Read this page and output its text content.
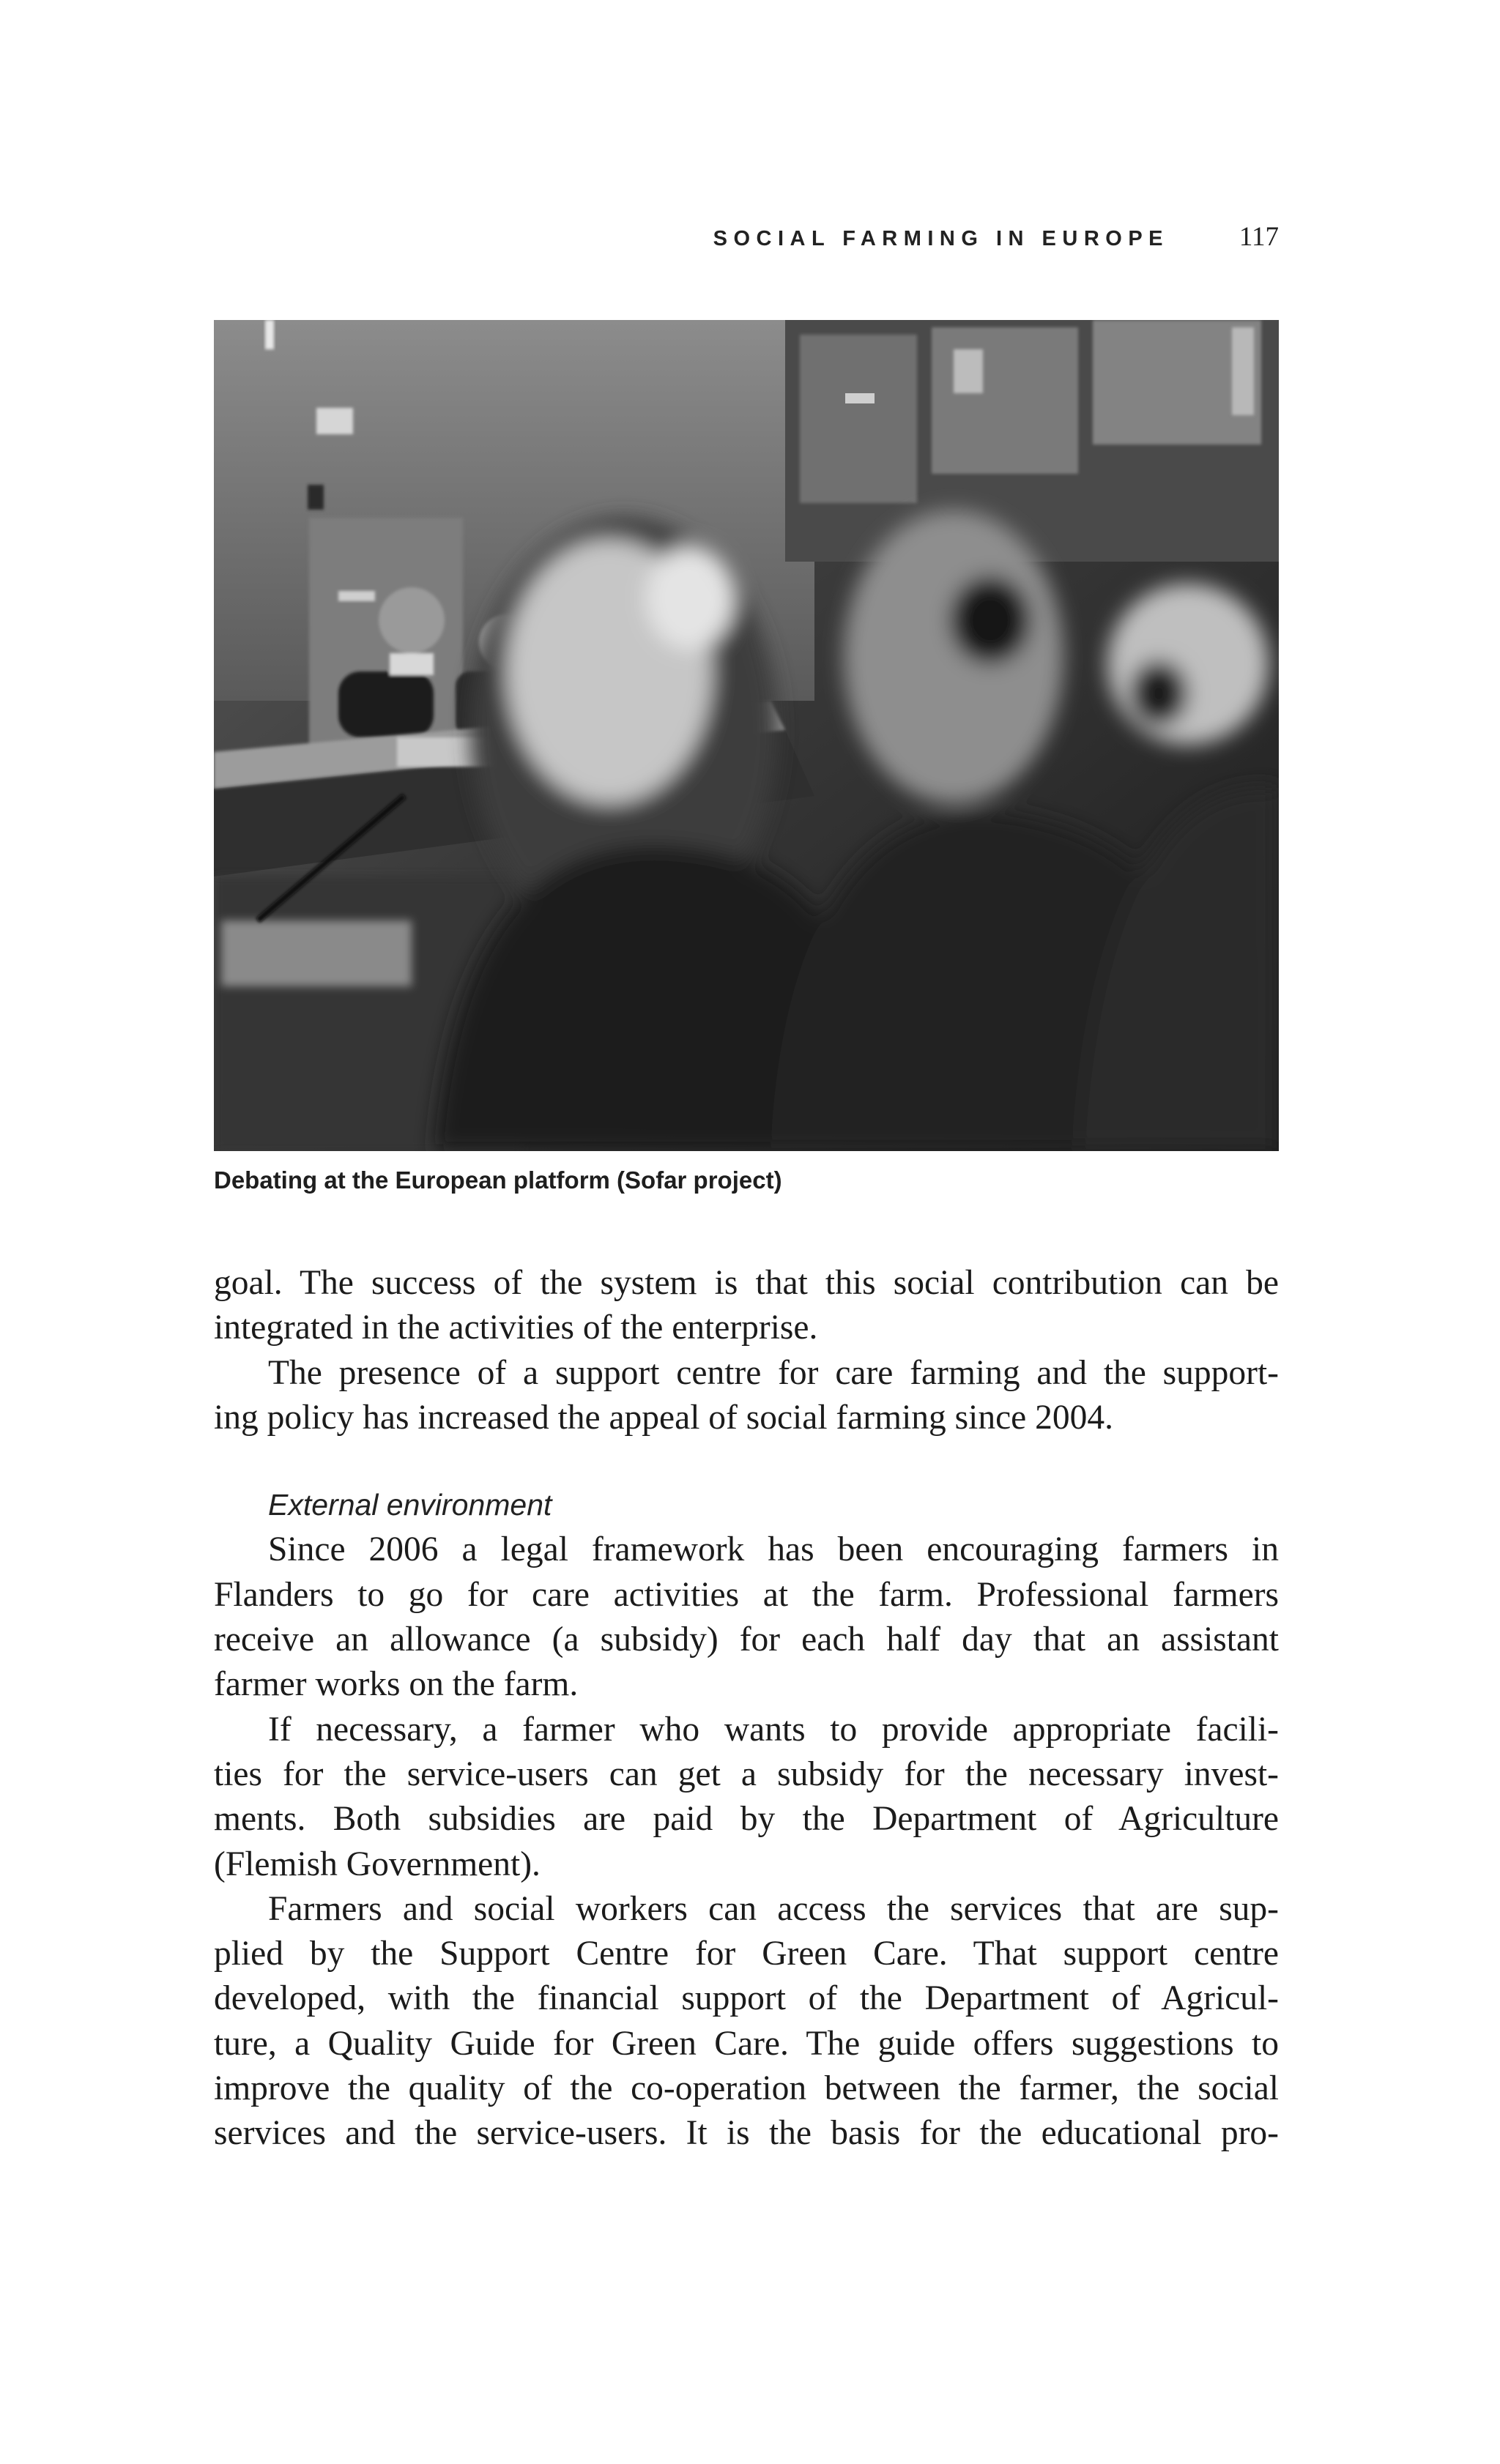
SOCIAL FARMING IN EUROPE	117
Debating at the European platform (Sofar project)
goal. The success of the system is that this social contribution can be
integrated in the activities of the enterprise.
The presence of a support centre for care farming and the support-
ing policy has increased the appeal of social farming since 2004.
External environment
Since 2006 a legal framework has been encouraging farmers in
Flanders to go for care activities at the farm. Professional farmers
receive an allowance (a subsidy) for each half day that an assistant
farmer works on the farm.
If necessary, a farmer who wants to provide appropriate facili-
ties for the service-users can get a subsidy for the necessary invest-
ments. Both subsidies are paid by the Department of Agriculture
(Flemish Government).
Farmers and social workers can access the services that are sup-
plied by the Support Centre for Green Care. That support centre
developed, with the financial support of the Department of Agricul-
ture, a Quality Guide for Green Care. The guide offers suggestions to
improve the quality of the co-operation between the farmer, the social
services and the service-users. It is the basis for the educational pro-
